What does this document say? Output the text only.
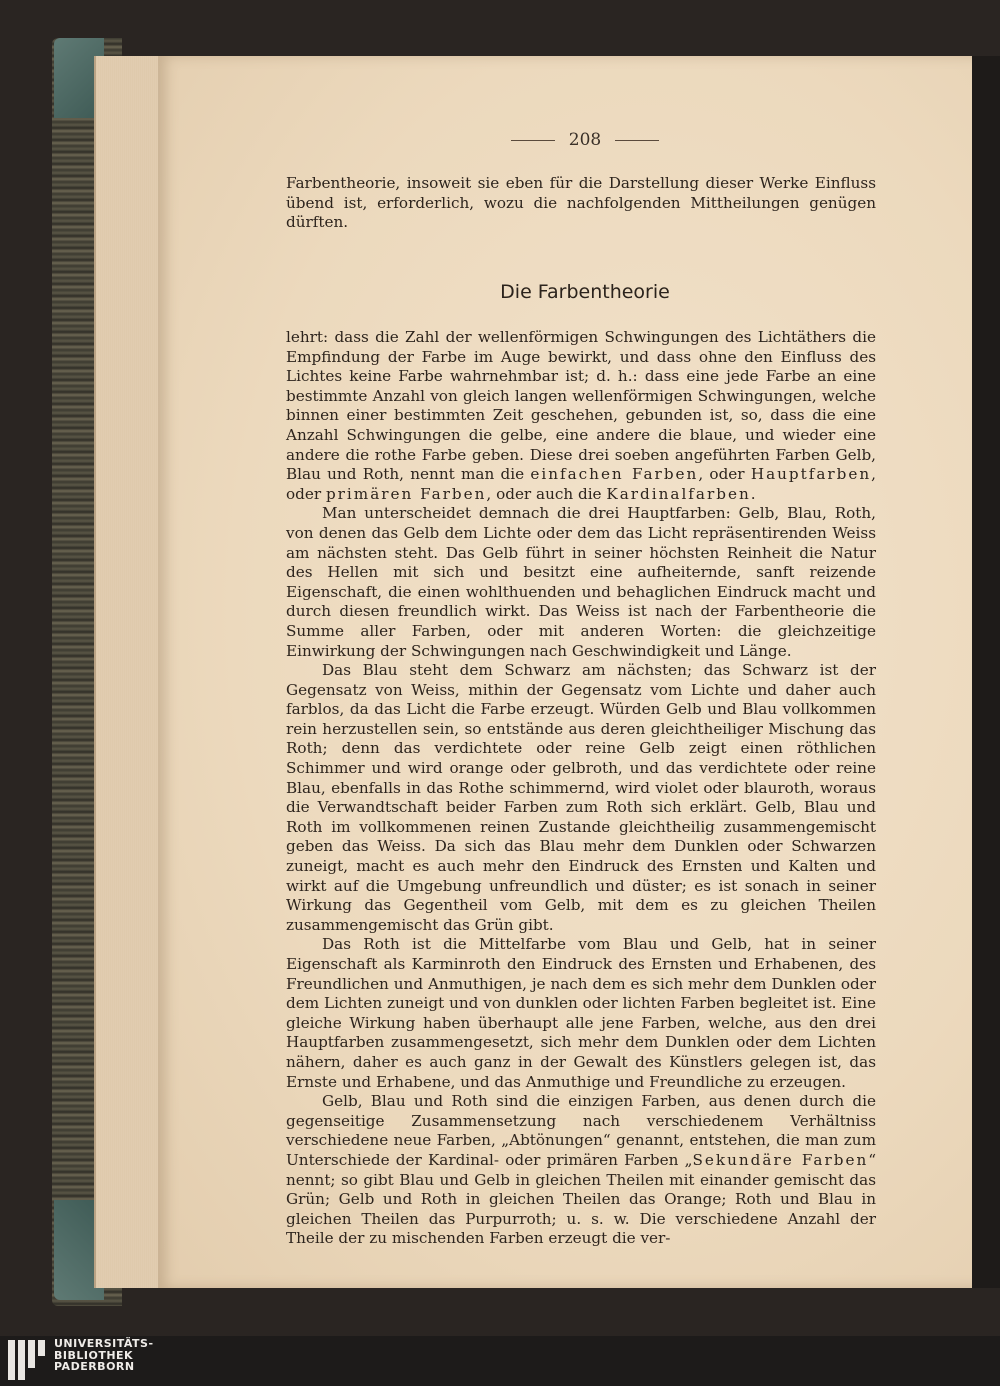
208

Farbentheorie, insoweit sie eben für die Darstellung dieser Werke Einfluss übend ist, erforderlich, wozu die nachfolgenden Mittheilungen genügen dürften.

Die Farbentheorie

lehrt: dass die Zahl der wellenförmigen Schwingungen des Lichtäthers die Empfindung der Farbe im Auge bewirkt, und dass ohne den Einfluss des Lichtes keine Farbe wahrnehmbar ist; d. h.: dass eine jede Farbe an eine bestimmte Anzahl von gleich langen wellenförmigen Schwingungen, welche binnen einer bestimmten Zeit geschehen, gebunden ist, so, dass die eine Anzahl Schwingungen die gelbe, eine andere die blaue, und wieder eine andere die rothe Farbe geben. Diese drei soeben angeführten Farben Gelb, Blau und Roth, nennt man die einfachen Farben, oder Hauptfarben, oder primären Farben, oder auch die Kardinalfarben.

Man unterscheidet demnach die drei Hauptfarben: Gelb, Blau, Roth, von denen das Gelb dem Lichte oder dem das Licht repräsentirenden Weiss am nächsten steht. Das Gelb führt in seiner höchsten Reinheit die Natur des Hellen mit sich und besitzt eine aufheiternde, sanft reizende Eigenschaft, die einen wohlthuenden und behaglichen Eindruck macht und durch diesen freundlich wirkt. Das Weiss ist nach der Farbentheorie die Summe aller Farben, oder mit anderen Worten: die gleichzeitige Einwirkung der Schwingungen nach Geschwindigkeit und Länge.

Das Blau steht dem Schwarz am nächsten; das Schwarz ist der Gegensatz von Weiss, mithin der Gegensatz vom Lichte und daher auch farblos, da das Licht die Farbe erzeugt. Würden Gelb und Blau vollkommen rein herzustellen sein, so entstände aus deren gleichtheiliger Mischung das Roth; denn das verdichtete oder reine Gelb zeigt einen röthlichen Schimmer und wird orange oder gelbroth, und das verdichtete oder reine Blau, ebenfalls in das Rothe schimmernd, wird violet oder blauroth, woraus die Verwandtschaft beider Farben zum Roth sich erklärt. Gelb, Blau und Roth im vollkommenen reinen Zustande gleichtheilig zusammengemischt geben das Weiss. Da sich das Blau mehr dem Dunklen oder Schwarzen zuneigt, macht es auch mehr den Eindruck des Ernsten und Kalten und wirkt auf die Umgebung unfreundlich und düster; es ist sonach in seiner Wirkung das Gegentheil vom Gelb, mit dem es zu gleichen Theilen zusammengemischt das Grün gibt.

Das Roth ist die Mittelfarbe vom Blau und Gelb, hat in seiner Eigenschaft als Karminroth den Eindruck des Ernsten und Erhabenen, des Freundlichen und Anmuthigen, je nach dem es sich mehr dem Dunklen oder dem Lichten zuneigt und von dunklen oder lichten Farben begleitet ist. Eine gleiche Wirkung haben überhaupt alle jene Farben, welche, aus den drei Hauptfarben zusammengesetzt, sich mehr dem Dunklen oder dem Lichten nähern, daher es auch ganz in der Gewalt des Künstlers gelegen ist, das Ernste und Erhabene, und das Anmuthige und Freundliche zu erzeugen.

Gelb, Blau und Roth sind die einzigen Farben, aus denen durch die gegenseitige Zusammensetzung nach verschiedenem Verhältniss verschiedene neue Farben, „Abtönungen“ genannt, entstehen, die man zum Unterschiede der Kardinal- oder primären Farben „Sekundäre Farben“ nennt; so gibt Blau und Gelb in gleichen Theilen mit einander gemischt das Grün; Gelb und Roth in gleichen Theilen das Orange; Roth und Blau in gleichen Theilen das Purpurroth; u. s. w. Die verschiedene Anzahl der Theile der zu mischenden Farben erzeugt die ver-

UNIVERSITÄTS-
BIBLIOTHEK
PADERBORN
